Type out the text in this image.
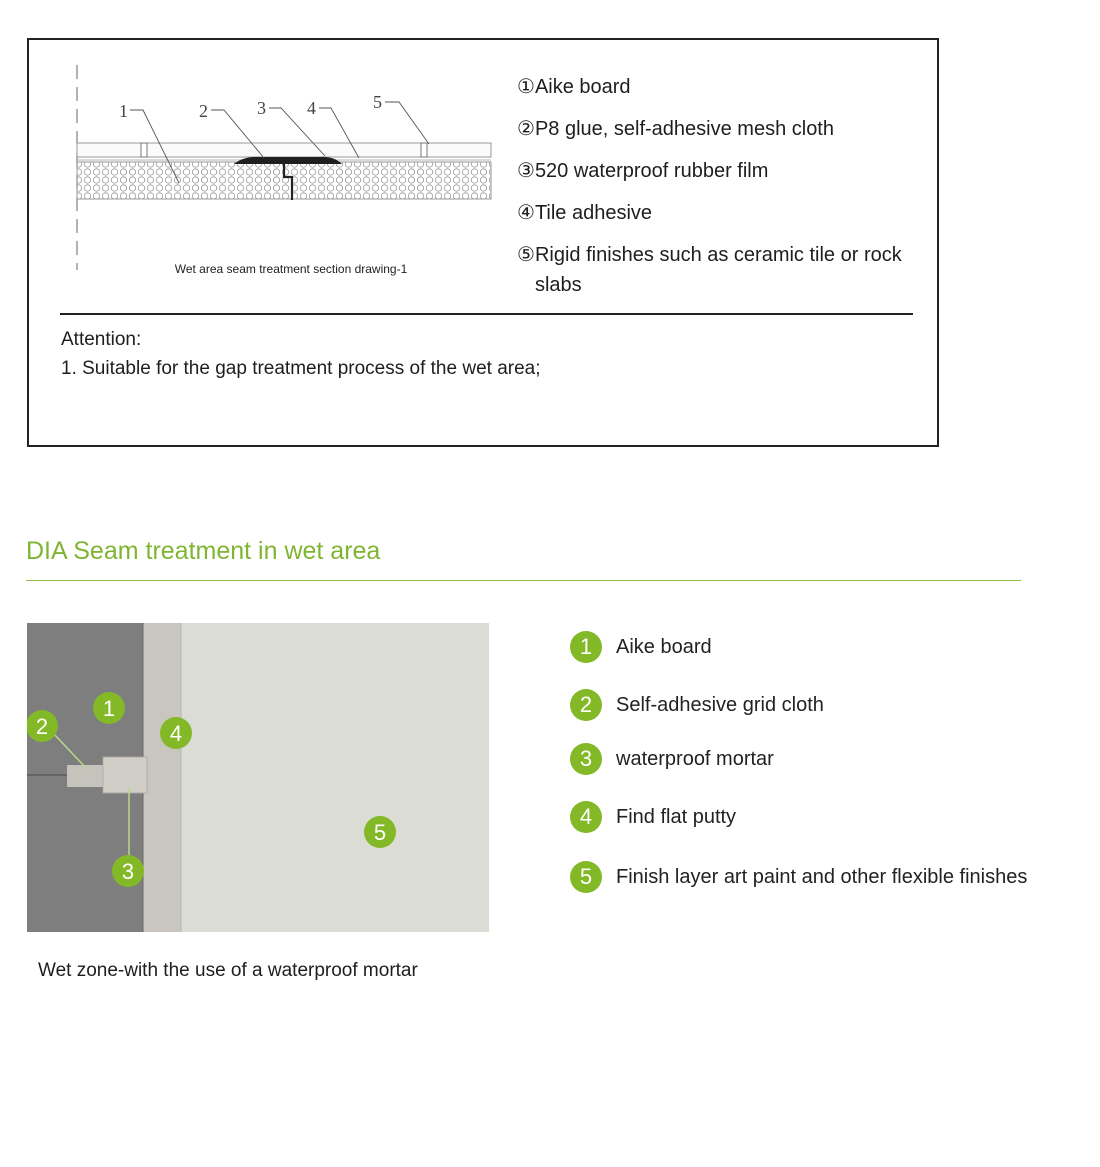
1	2	3 4	5
Wet area seam treatment section drawing-1
① Aike board
② P8 glue, self-adhesive mesh cloth
③ 520 waterproof rubber film
④ Tile adhesive
⑤ Rigid finishes such as ceramic tile or rock slabs
Attention:
1. Suitable for the gap treatment process of the wet area;
DIA Seam treatment in wet area
1
2
3
4
5
Wet zone-with the use of a waterproof mortar
1	Aike board
2	Self-adhesive grid cloth
3	waterproof mortar
4	Find flat putty
5	Finish layer art paint and other flexible finishes
